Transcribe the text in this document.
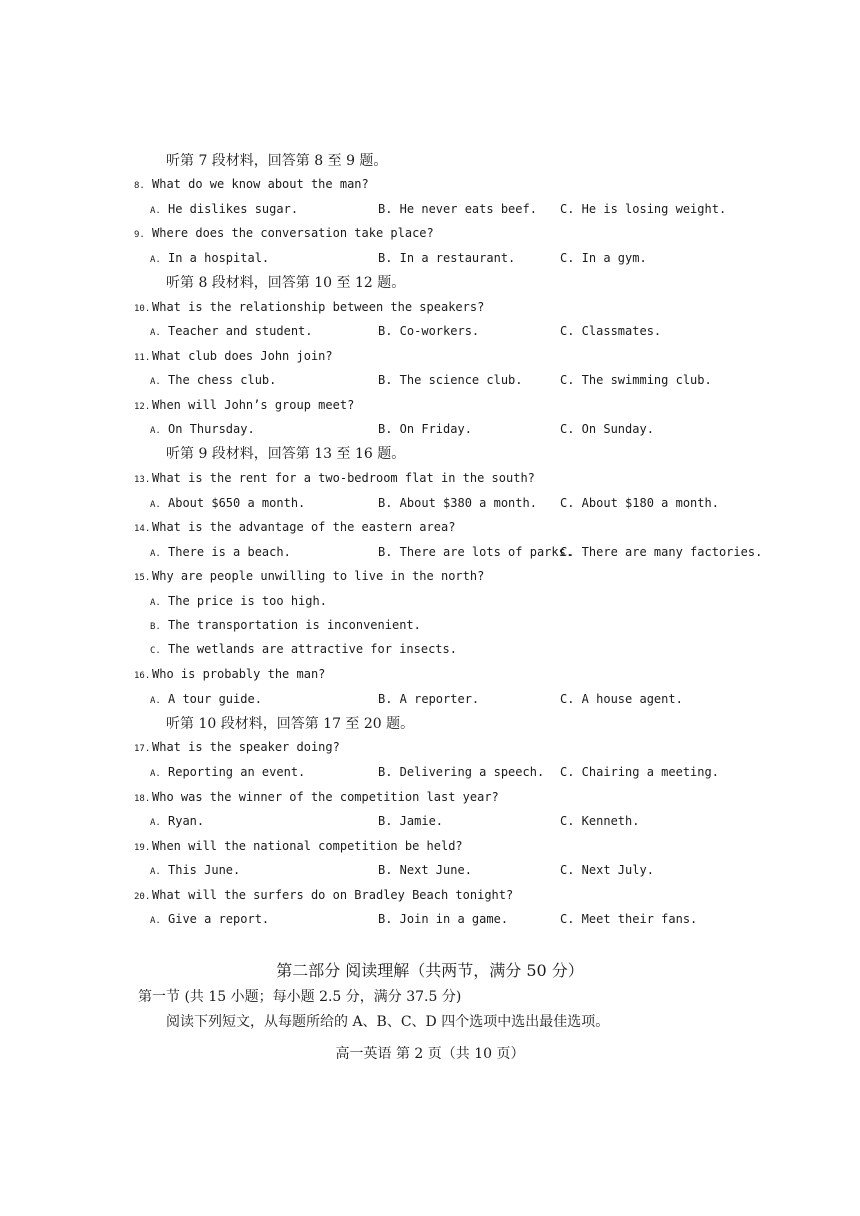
听第 7 段材料，回答第 8 至 9 题。
8. What do we know about the man?
A. He dislikes sugar.	B. He never eats beef. C. He is losing weight.
9. Where does the conversation take place?
A. In a hospital.	B. In a restaurant.	C. In a gym.
听第 8 段材料，回答第 10 至 12 题。
10. What is the relationship between the speakers?
A. Teacher and student.	B. Co-workers.	C. Classmates.
11. What club does John join?
A. The chess club.	B. The science club.	C. The swimming club.
12. When will John’s group meet?
A. On Thursday.	B. On Friday.	C. On Sunday.
听第 9 段材料，回答第 13 至 16 题。
13. What is the rent for a two-bedroom flat in the south?
A. About $650 a month.	B. About $380 a month. C. About $180 a month.
14. What is the advantage of the eastern area?
A. There is a beach.	B. There are lots of parks.
C. There are many factories.
15. Why are people unwilling to live in the north?
A. The price is too high.
B. The transportation is inconvenient.
C. The wetlands are attractive for insects.
16. Who is probably the man?
A. A tour guide.	B. A reporter.	C. A house agent.
听第 10 段材料，回答第 17 至 20 题。
17. What is the speaker doing?
A. Reporting an event.	B. Delivering a speech. C. Chairing a meeting.
18. Who was the winner of the competition last year?
A. Ryan.	B. Jamie.	C. Kenneth.
19. When will the national competition be held?
A. This June.	B. Next June.	C. Next July.
20. What will the surfers do on Bradley Beach tonight?
A. Give a report.	B. Join in a game.	C. Meet their fans.
第二部分 阅读理解（共两节，满分 50 分）
第一节 (共 15 小题；每小题 2.5 分，满分 37.5 分)
阅读下列短文，从每题所给的 A、B、C、D 四个选项中选出最佳选项。
高一英语 第 2 页（共 10 页）
